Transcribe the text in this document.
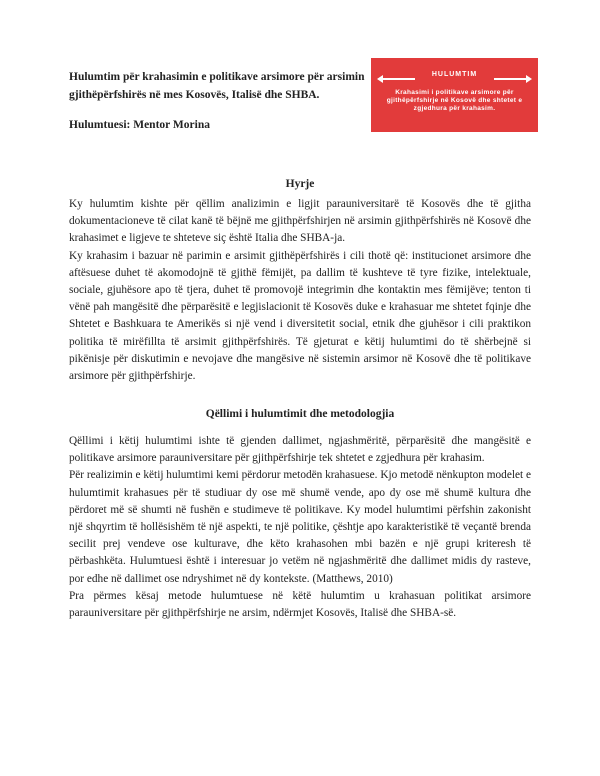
Hulumtim për krahasimin e politikave arsimore për arsimin gjithëpërfshirës në mes Kosovës, Italisë dhe SHBA.
Hulumtuesi: Mentor Morina
HULUMTIM
Krahasimi i politikave arsimore për gjithëpërfshirje në Kosovë dhe shtetet e zgjedhura për krahasim.
Hyrje

Ky hulumtim kishte për qëllim analizimin e ligjit parauniversitarë të Kosovës dhe të gjitha dokumentacioneve të cilat kanë të bëjnë me gjithpërfshirjen në arsimin gjithpërfshirës në Kosovë dhe krahasimet e ligjeve te shteteve siç është Italia dhe SHBA-ja.

Ky krahasim i bazuar në parimin e arsimit gjithëpërfshirës i cili thotë që: institucionet arsimore dhe aftësuese duhet të akomodojnë të gjithë fëmijët, pa dallim të kushteve të tyre fizike, intelektuale, sociale, gjuhësore apo të tjera, duhet të promovojë integrimin dhe kontaktin mes fëmijëve; tenton ti vënë pah mangësitë dhe përparësitë e legjislacionit të Kosovës duke e krahasuar me shtetet fqinje dhe Shtetet e Bashkuara te Amerikës si një vend i diversitetit social, etnik dhe gjuhësor i cili praktikon politika të mirëfillta të arsimit gjithpërfshirës. Të gjeturat e këtij hulumtimi do të shërbejnë si pikënisje për diskutimin e nevojave dhe mangësive në sistemin arsimor në Kosovë dhe të politikave arsimore për gjithpërfshirje.

Qëllimi i hulumtimit dhe metodologjia

Qëllimi i këtij hulumtimi ishte të gjenden dallimet, ngjashmëritë, përparësitë dhe mangësitë e politikave arsimore parauniversitare për gjithpërfshirje tek shtetet e zgjedhura për krahasim.

Për realizimin e këtij hulumtimi kemi përdorur metodën krahasuese. Kjo metodë nënkupton modelet e hulumtimit krahasues për të studiuar dy ose më shumë vende, apo dy ose më shumë kultura dhe përdoret më së shumti në fushën e studimeve të politikave. Ky model hulumtimi përfshin zakonisht një shqyrtim të hollësishëm të një aspekti, te një politike, çështje apo karakteristikë të veçantë brenda secilit prej vendeve ose kulturave, dhe këto krahasohen mbi bazën e një grupi kriteresh të përbashkëta. Hulumtuesi është i interesuar jo vetëm në ngjashmëritë dhe dallimet midis dy rasteve, por edhe në dallimet ose ndryshimet në dy kontekste. (Matthews, 2010)

Pra përmes kësaj metode hulumtuese në këtë hulumtim u krahasuan politikat arsimore parauniversitare për gjithpërfshirje ne arsim, ndërmjet Kosovës, Italisë dhe SHBA-së.
